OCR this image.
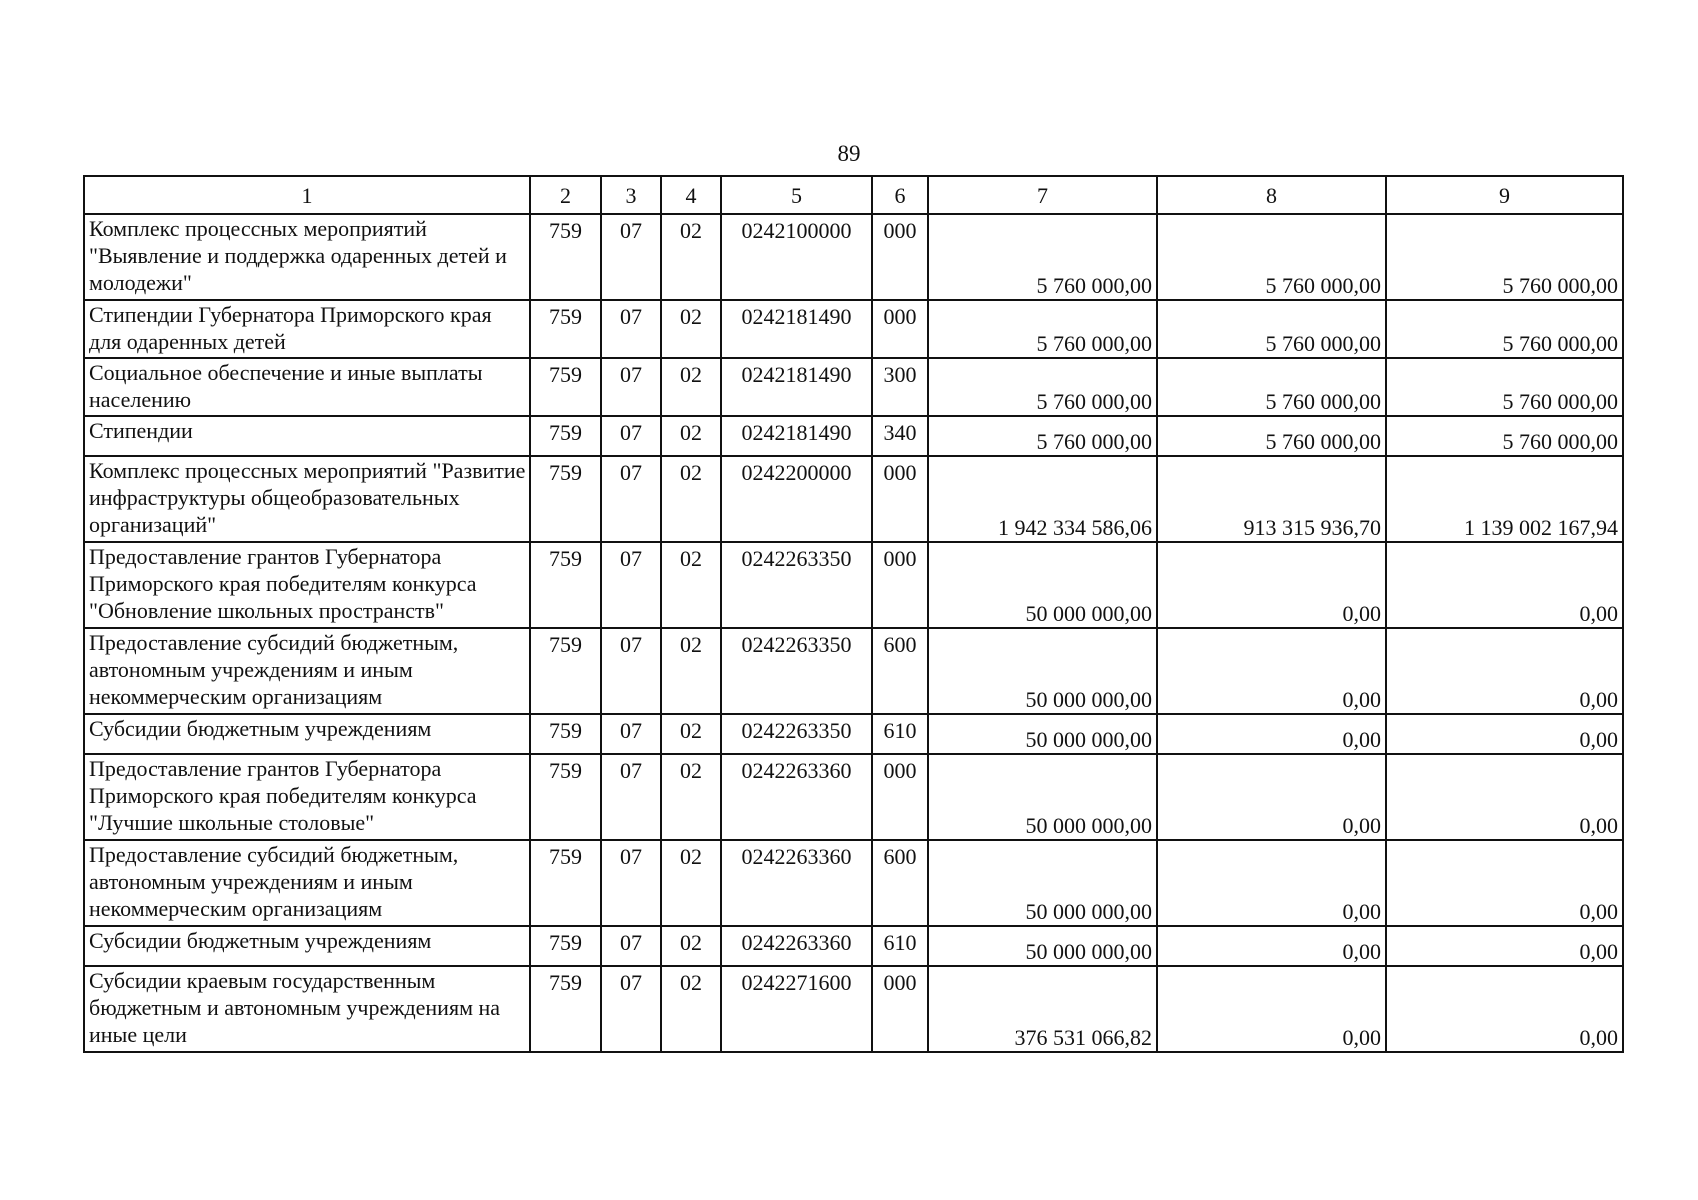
89
1	2	3	4	5	6	7	8	9
Комплекс процессных мероприятий "Выявление и поддержка одаренных детей и молодежи"	759	07	02	0242100000	000	5 760 000,00	5 760 000,00	5 760 000,00
Стипендии Губернатора Приморского края для одаренных детей	759	07	02	0242181490	000	5 760 000,00	5 760 000,00	5 760 000,00
Социальное обеспечение и иные выплаты населению	759	07	02	0242181490	300	5 760 000,00	5 760 000,00	5 760 000,00
Стипендии	759	07	02	0242181490	340	5 760 000,00	5 760 000,00	5 760 000,00
Комплекс процессных мероприятий "Развитие инфраструктуры общеобразовательных организаций"	759	07	02	0242200000	000	1 942 334 586,06	913 315 936,70	1 139 002 167,94
Предоставление грантов Губернатора Приморского края победителям конкурса "Обновление школьных пространств"	759	07	02	0242263350	000	50 000 000,00	0,00	0,00
Предоставление субсидий бюджетным, автономным учреждениям и иным некоммерческим организациям	759	07	02	0242263350	600	50 000 000,00	0,00	0,00
Субсидии бюджетным учреждениям	759	07	02	0242263350	610	50 000 000,00	0,00	0,00
Предоставление грантов Губернатора Приморского края победителям конкурса "Лучшие школьные столовые"	759	07	02	0242263360	000	50 000 000,00	0,00	0,00
Предоставление субсидий бюджетным, автономным учреждениям и иным некоммерческим организациям	759	07	02	0242263360	600	50 000 000,00	0,00	0,00
Субсидии бюджетным учреждениям	759	07	02	0242263360	610	50 000 000,00	0,00	0,00
Субсидии краевым государственным бюджетным и автономным учреждениям на иные цели	759	07	02	0242271600	000	376 531 066,82	0,00	0,00
